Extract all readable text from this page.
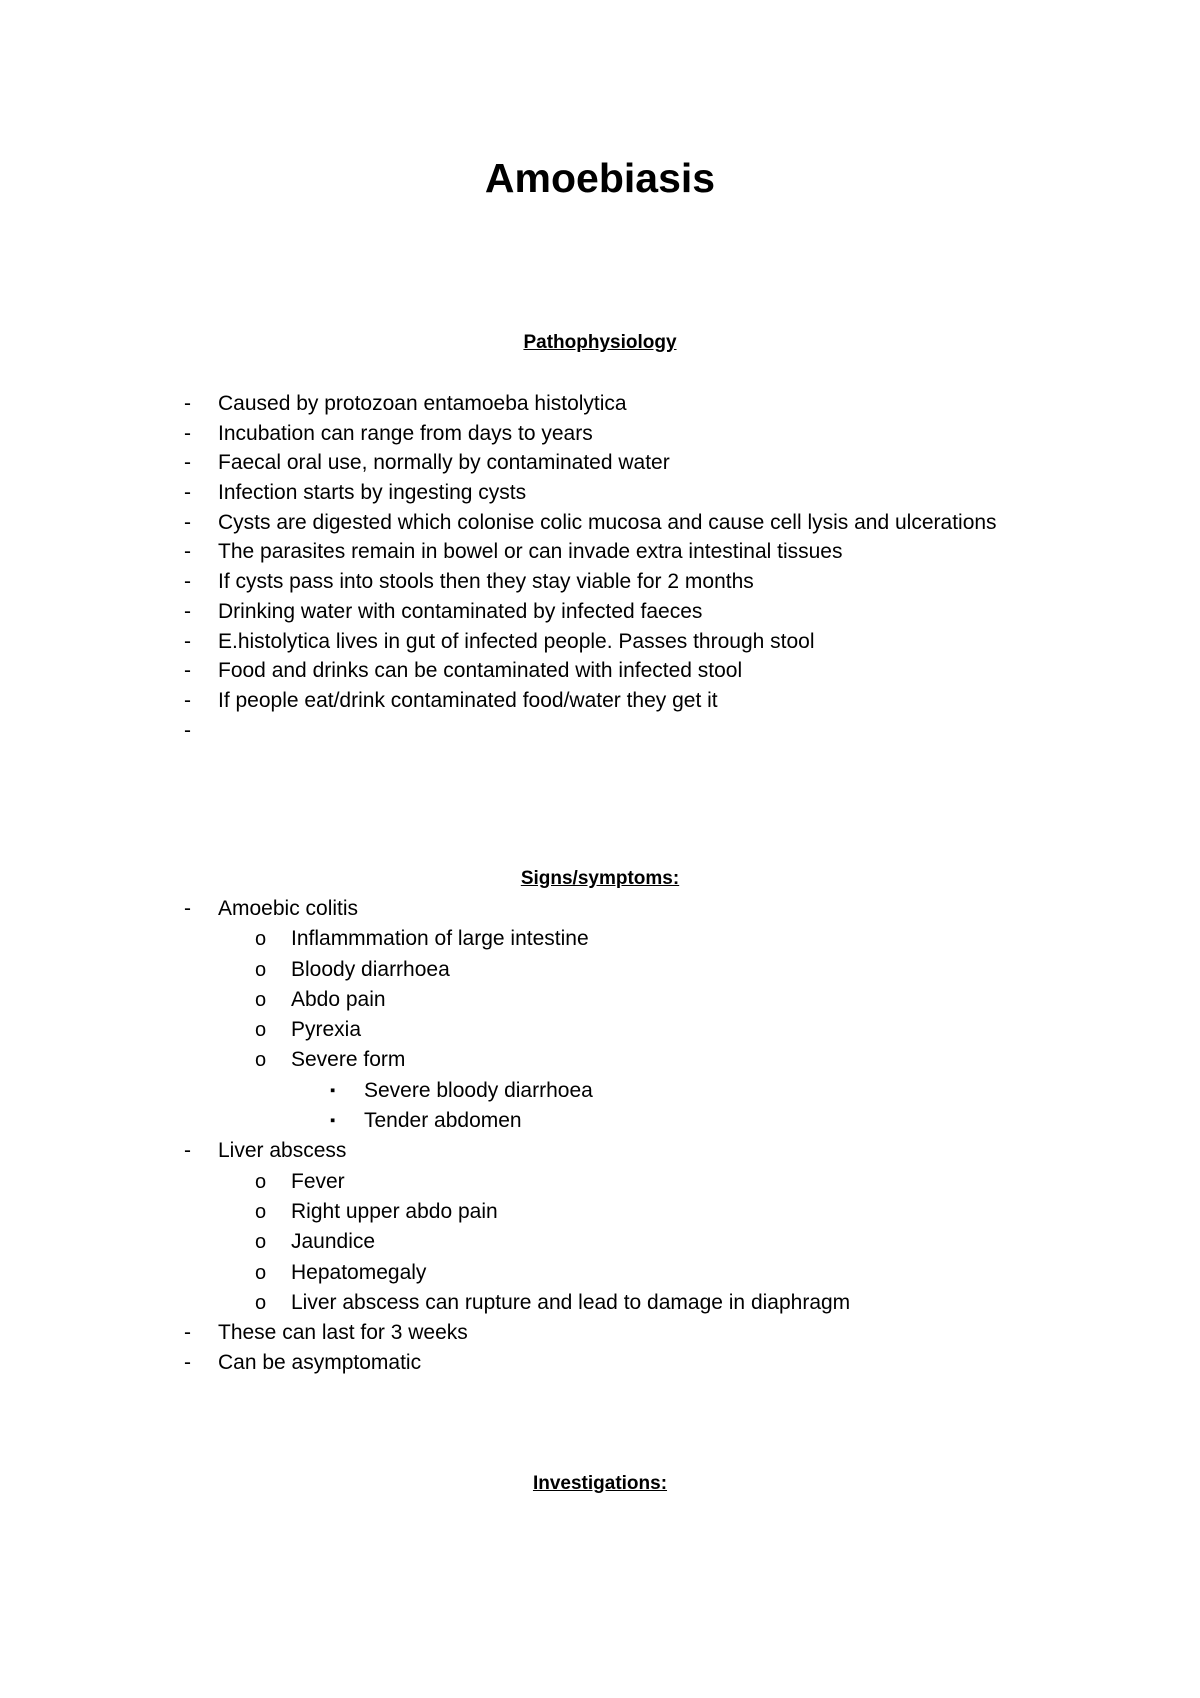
Amoebiasis
Pathophysiology
- Caused by protozoan entamoeba histolytica
- Incubation can range from days to years
- Faecal oral use, normally by contaminated water
- Infection starts by ingesting cysts
- Cysts are digested which colonise colic mucosa and cause cell lysis and ulcerations
- The parasites remain in bowel or can invade extra intestinal tissues
- If cysts pass into stools then they stay viable for 2 months
- Drinking water with contaminated by infected faeces
- E.histolytica lives in gut of infected people. Passes through stool
- Food and drinks can be contaminated with infected stool
- If people eat/drink contaminated food/water they get it
-
Signs/symptoms:
- Amoebic colitis
o Inflammmation of large intestine
o Bloody diarrhoea
o Abdo pain
o Pyrexia
o Severe form
▪ Severe bloody diarrhoea
▪ Tender abdomen
- Liver abscess
o Fever
o Right upper abdo pain
o Jaundice
o Hepatomegaly
o Liver abscess can rupture and lead to damage in diaphragm
- These can last for 3 weeks
- Can be asymptomatic
Investigations:
